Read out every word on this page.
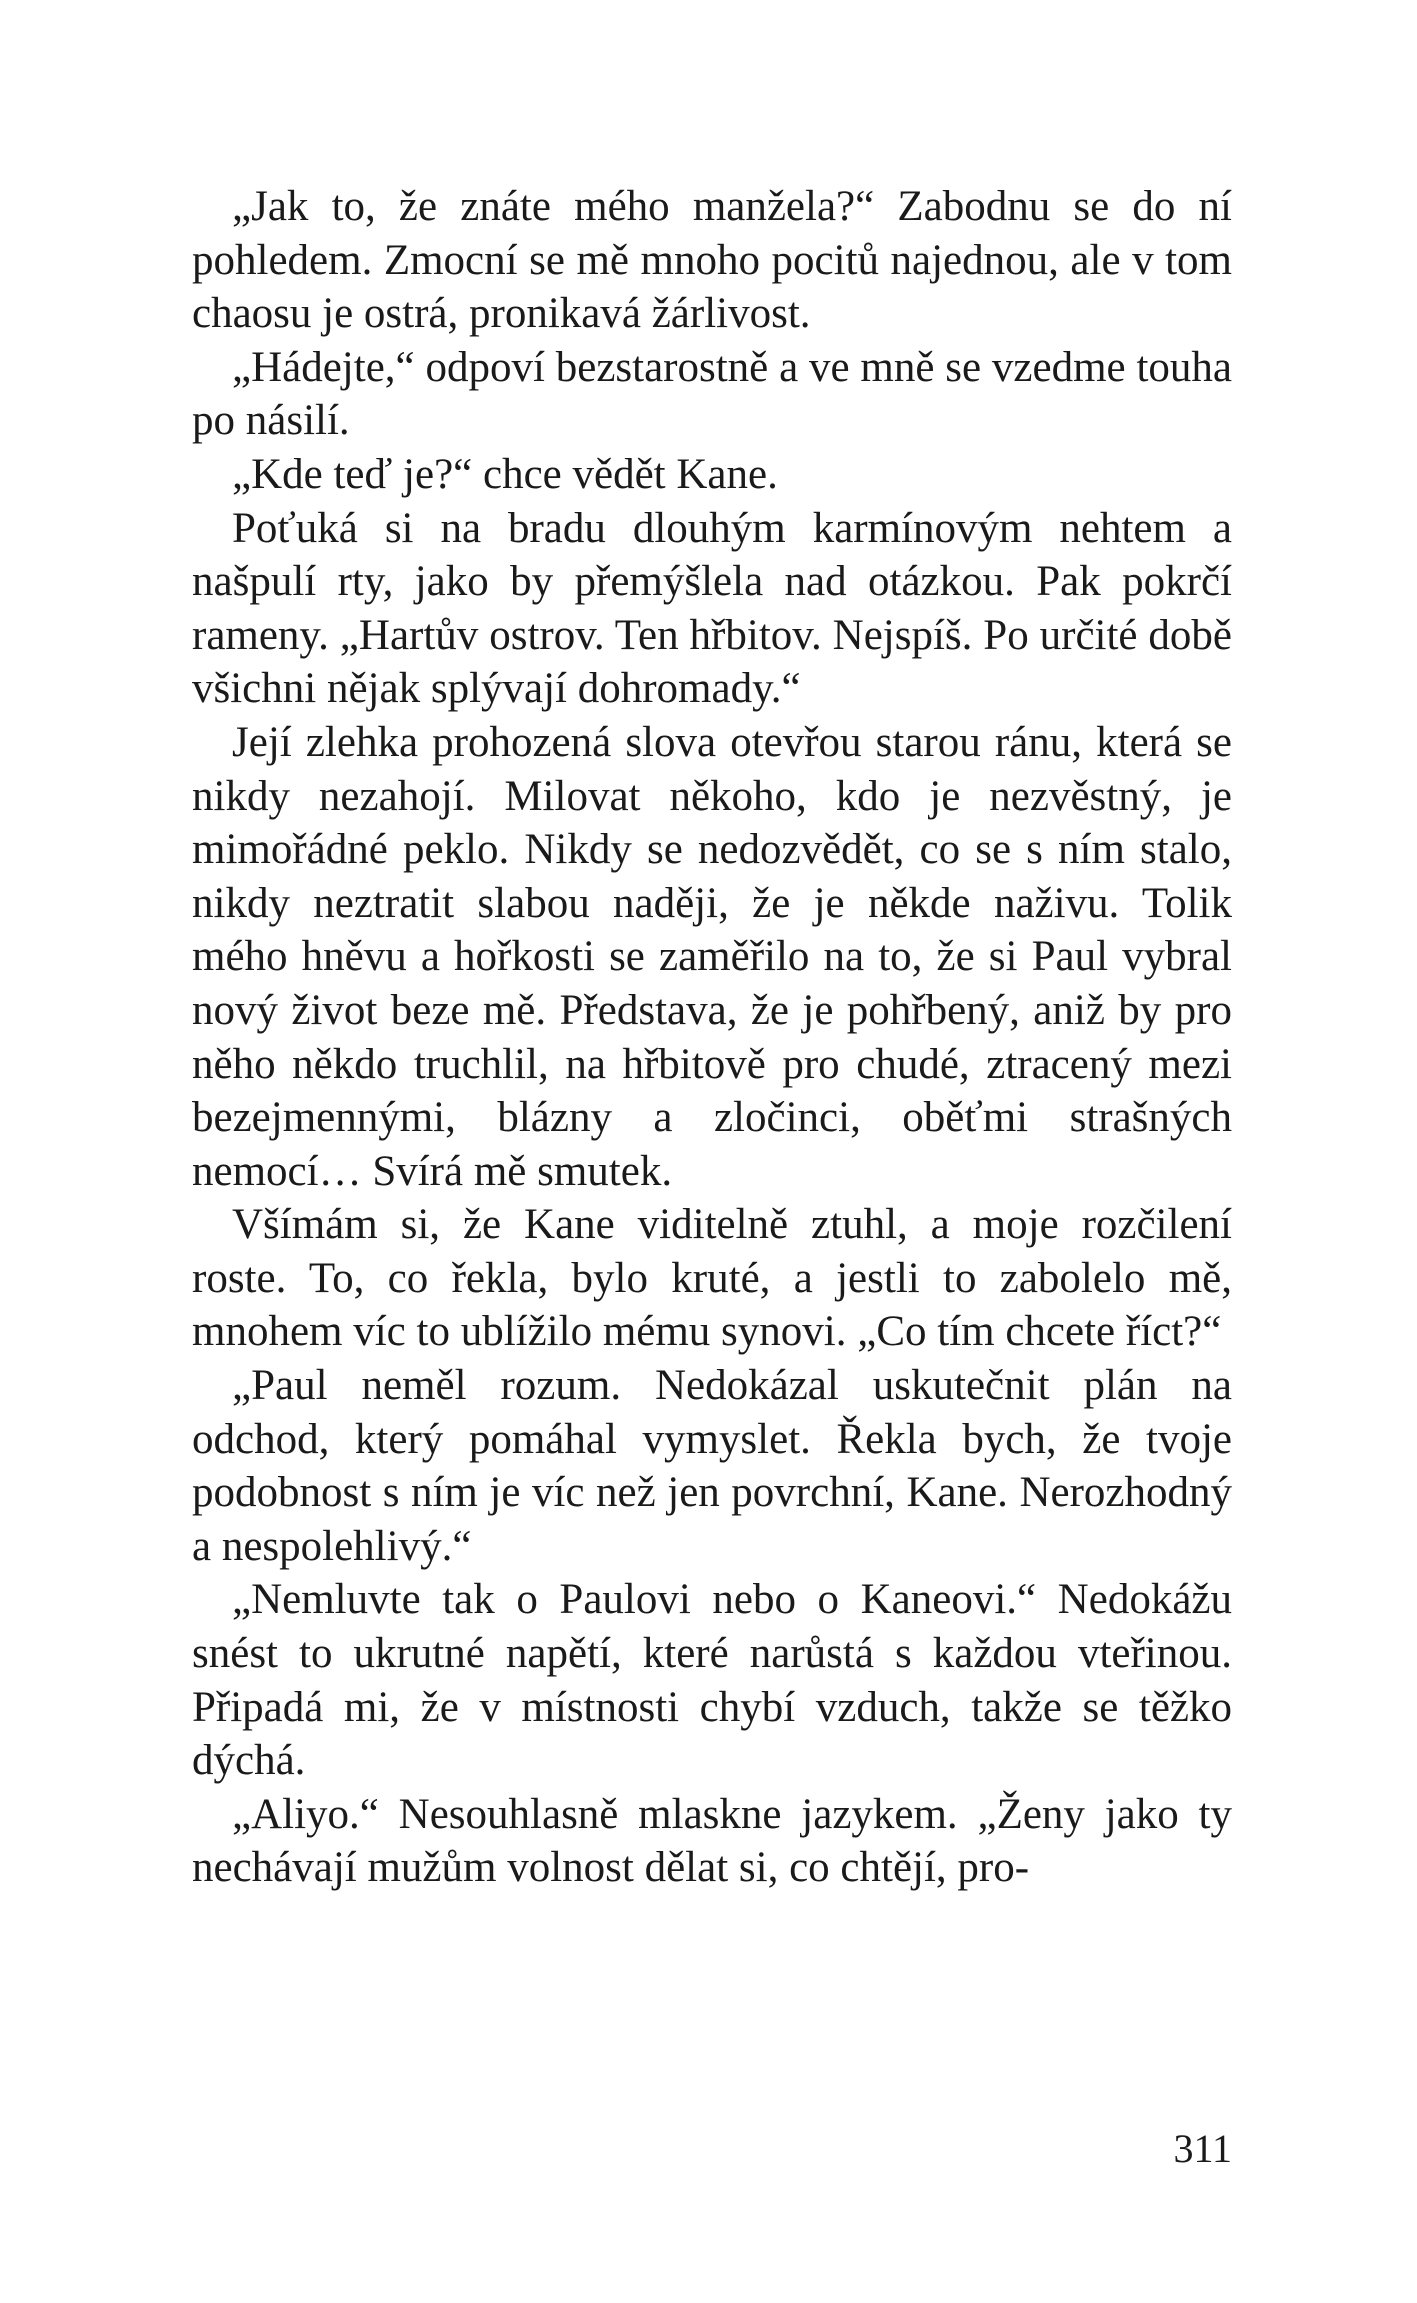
„Jak to, že znáte mého manžela?“ Zabodnu se do ní pohledem. Zmocní se mě mnoho pocitů najednou, ale v tom chaosu je ostrá, pronikavá žárlivost.

„Hádejte,“ odpoví bezstarostně a ve mně se vzedme touha po násilí.

„Kde teď je?“ chce vědět Kane.

Poťuká si na bradu dlouhým karmínovým nehtem a našpulí rty, jako by přemýšlela nad otázkou. Pak pokrčí rameny. „Hartův ostrov. Ten hřbitov. Nejspíš. Po určité době všichni nějak splývají dohromady.“

Její zlehka prohozená slova otevřou starou ránu, která se nikdy nezahojí. Milovat někoho, kdo je nezvěstný, je mimořádné peklo. Nikdy se nedozvědět, co se s ním stalo, nikdy neztratit slabou naději, že je někde naživu. Tolik mého hněvu a hořkosti se zaměřilo na to, že si Paul vybral nový život beze mě. Představa, že je pohřbený, aniž by pro něho někdo truchlil, na hřbitově pro chudé, ztracený mezi bezejmennými, blázny a zločinci, oběťmi strašných nemocí… Svírá mě smutek.

Všímám si, že Kane viditelně ztuhl, a moje rozčilení roste. To, co řekla, bylo kruté, a jestli to zabolelo mě, mnohem víc to ublížilo mému synovi. „Co tím chcete říct?“

„Paul neměl rozum. Nedokázal uskutečnit plán na odchod, který pomáhal vymyslet. Řekla bych, že tvoje podobnost s ním je víc než jen povrchní, Kane. Nerozhodný a nespolehlivý.“

„Nemluvte tak o Paulovi nebo o Kaneovi.“ Nedokážu snést to ukrutné napětí, které narůstá s každou vteřinou. Připadá mi, že v místnosti chybí vzduch, takže se těžko dýchá.

„Aliyo.“ Nesouhlasně mlaskne jazykem. „Ženy jako ty nechávají mužům volnost dělat si, co chtějí, pro-

311
